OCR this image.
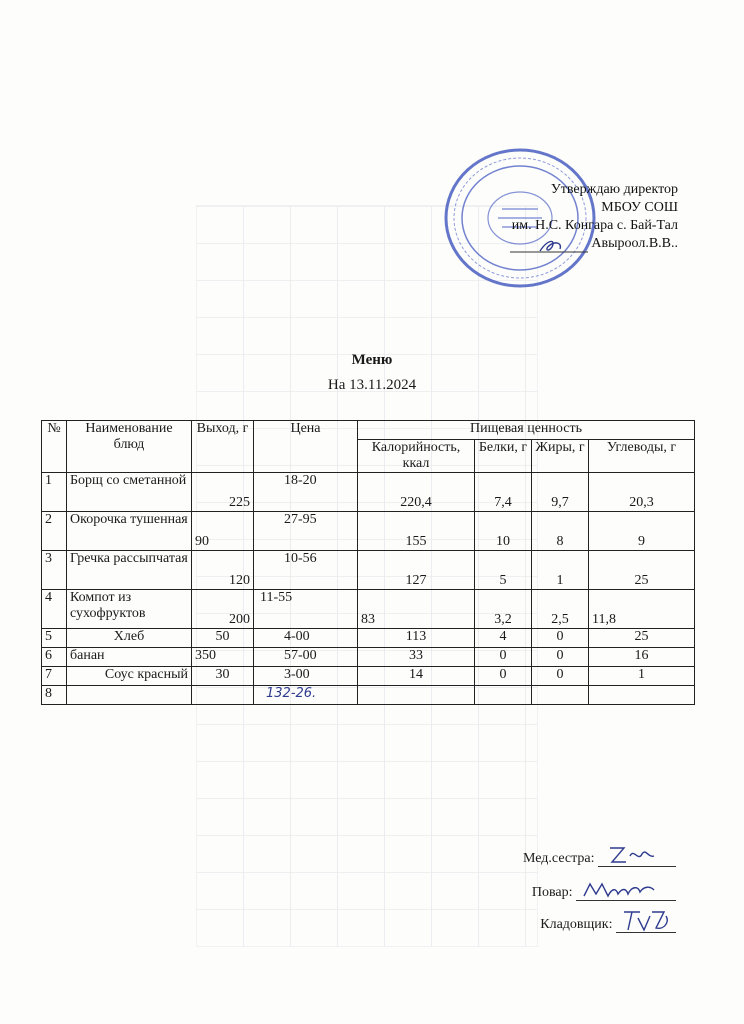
Утверждаю директор
МБОУ СОШ
им. Н.С. Конгара с. Бай-Тал
Авыроол.В.В..
Меню
На 13.11.2024
№	Наименование блюд	Выход, г	Цена	Пищевая ценность			
				Калорийность, ккал	Белки, г	Жиры, г	Углеводы, г
1	Борщ со сметанной	225	18-20	220,4	7,4	9,7	20,3
2	Окорочка тушенная	90	27-95	155	10	8	9
3	Гречка рассыпчатая	120	10-56	127	5	1	25
4	Компот из сухофруктов	200	11-55	83	3,2	2,5	11,8
5	Хлеб	50	4-00	113	4	0	25
6	банан	350	57-00	33	0	0	16
7	Соус красный	30	3-00	14	0	0	1
8			132-26.				
Мед.сестра:
Повар:
Кладовщик:
